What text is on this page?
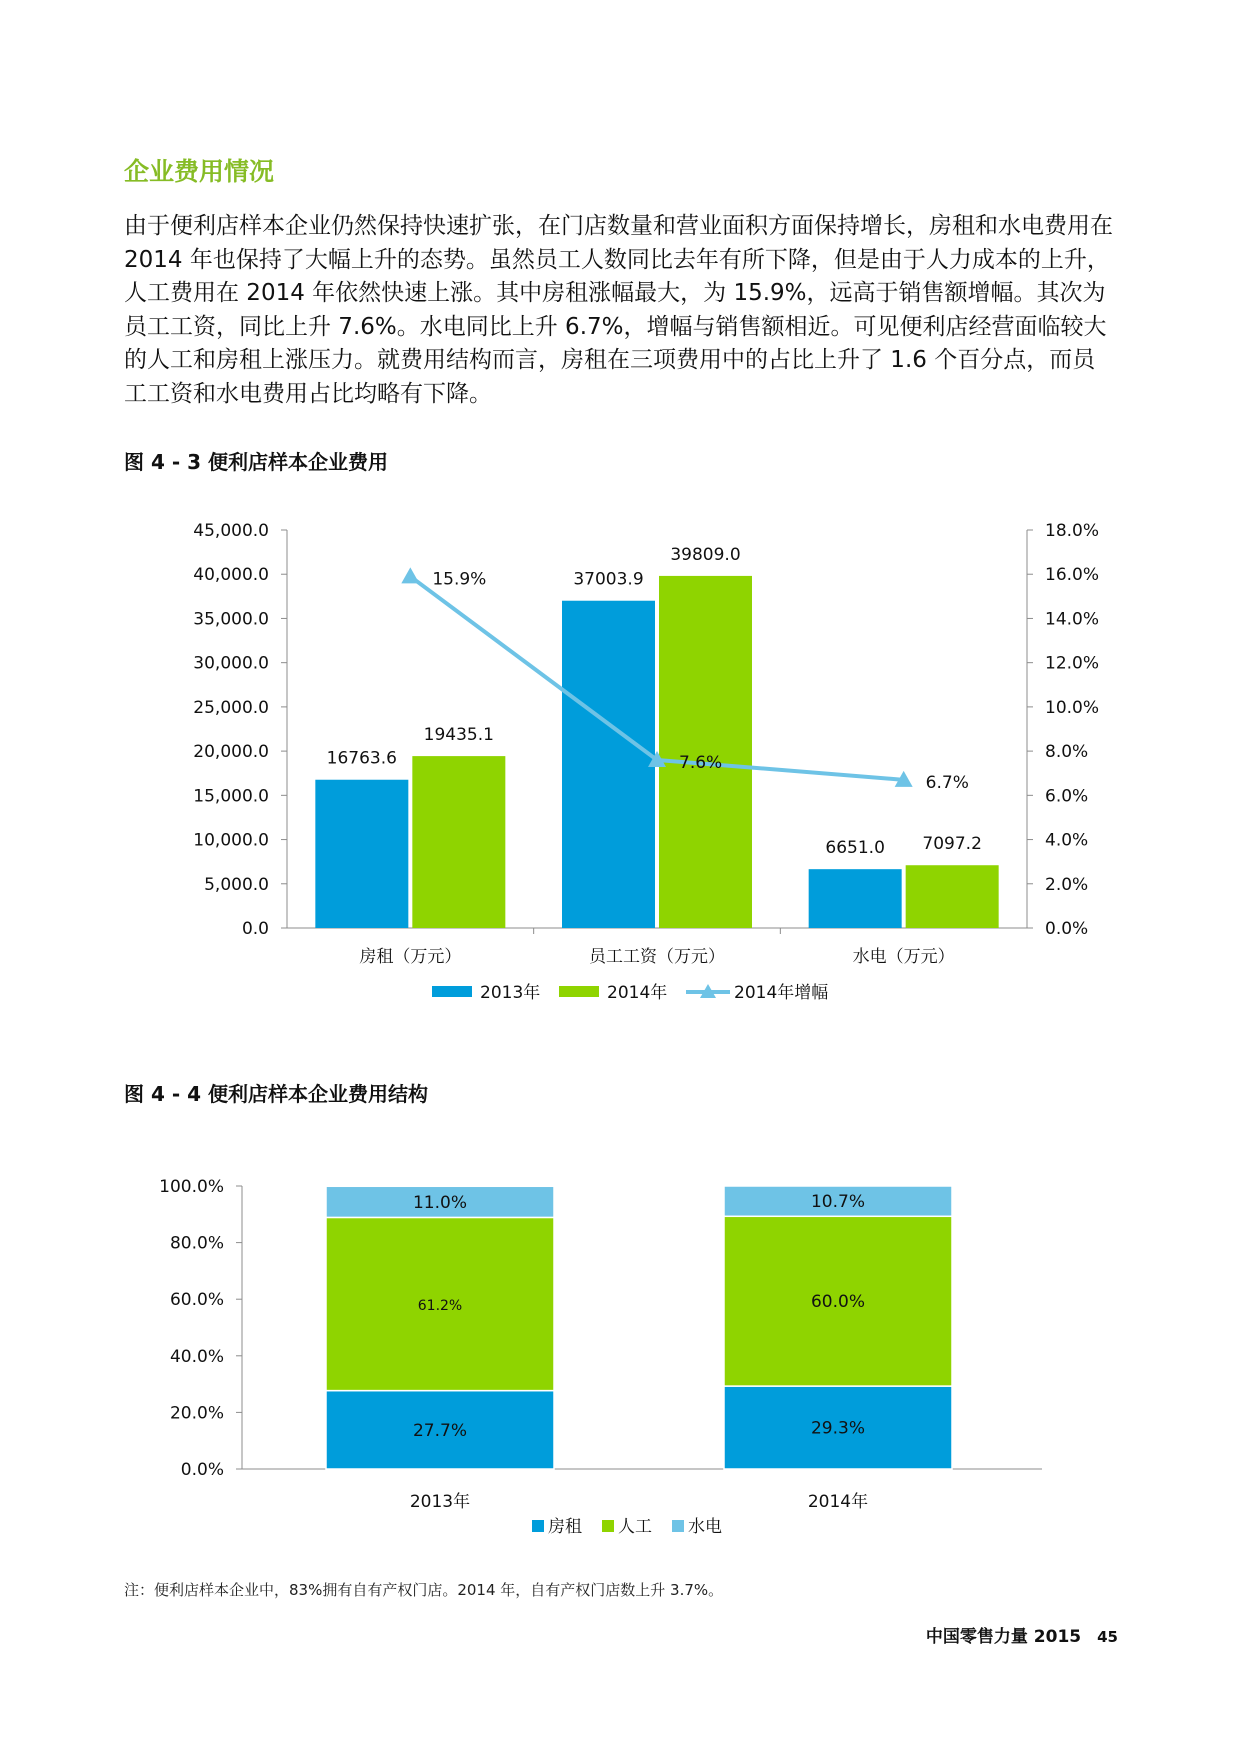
企业费用情况

由于便利店样本企业仍然保持快速扩张，在门店数量和营业面积方面保持增长，房租和水电费用在 2014 年也保持了大幅上升的态势。虽然员工人数同比去年有所下降，但是由于人力成本的上升，人工费用在 2014 年依然快速上涨。其中房租涨幅最大，为 15.9%，远高于销售额增幅。其次为员工工资，同比上升 7.6%。水电同比上升 6.7%，增幅与销售额相近。可见便利店经营面临较大的人工和房租上涨压力。就费用结构而言，房租在三项费用中的占比上升了 1.6 个百分点，而员工工资和水电费用占比均略有下降。

图 4 - 3 便利店样本企业费用
45,000.0
40,000.0
35,000.0
30,000.0
25,000.0
20,000.0
15,000.0
10,000.0
5,000.0
0.0
18.0%
16.0%
14.0%
12.0%
10.0%
8.0%
6.0%
4.0%
2.0%
0.0%
房租（万元）
16763.6
19435.1
员工工资（万元）
37003.9
39809.0
水电（万元）
6651.0 7097.2
15.9%
7.6%
6.7%
2013年	2014年	2014年增幅
图 4 - 4 便利店样本企业费用结构
100.0%
80.0%
60.0%
40.0%
20.0%
0.0%
27.7%
61.2%
11.0%
2013年
29.3%
60.0%
10.7%
2014年
房租 人工 水电

注：便利店样本企业中，83%拥有自有产权门店。2014 年，自有产权门店数上升 3.7%。

中国零售力量 2015 45
